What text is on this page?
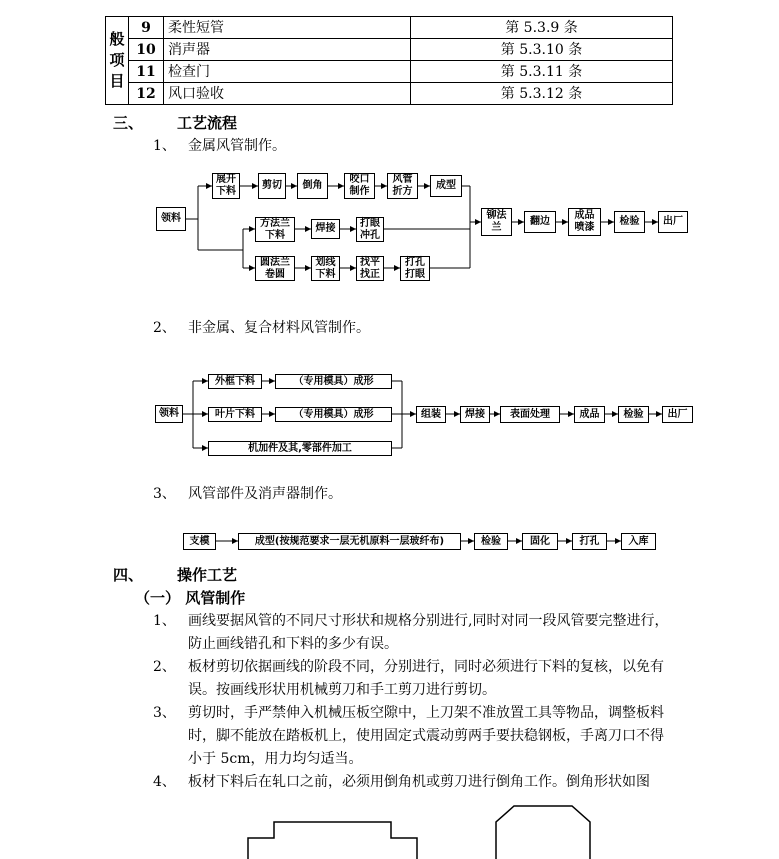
般
项
目	9	柔性短管	第 5.3.9 条
	10	消声器	第 5.3.10 条
	11	检查门	第 5.3.11 条
	12	风口验收	第 5.3.12 条
三、 工艺流程
1、 金属风管制作。
领料
展开
下料
剪切 倒角
咬口
制作
风管
折方
成型
方法兰
下料
焊接 打眼
冲孔
圆法兰
卷圆
划线
下料
找平
找正
打孔
打眼
铆法
兰
翻边
成品
喷漆
检验 出厂
2、 非金属、复合材料风管制作。
领料
外框下料	（专用模具）成形
叶片下料	（专用模具）成形
机加件及其,零部件加工
组装 焊接	表面处理	成品 检验 出厂
3、 风管部件及消声器制作。
支模	成型(按规范要求一层无机原料一层玻纤布)	检验	固化	打孔	入库
四、 操作工艺
（一） 风管制作
1、 画线要据风管的不同尺寸形状和规格分别进行,同时对同一段风管要完整进行，防止画线错孔和下料的多少有误。
2、 板材剪切依据画线的阶段不同，分别进行，同时必须进行下料的复核，以免有误。按画线形状用机械剪刀和手工剪刀进行剪切。
3、 剪切时，手严禁伸入机械压板空隙中，上刀架不准放置工具等物品，调整板料时，脚不能放在踏板机上，使用固定式震动剪两手要扶稳钢板，手离刀口不得小于 5cm，用力均匀适当。
4、 板材下料后在轧口之前，必须用倒角机或剪刀进行倒角工作。倒角形状如图
